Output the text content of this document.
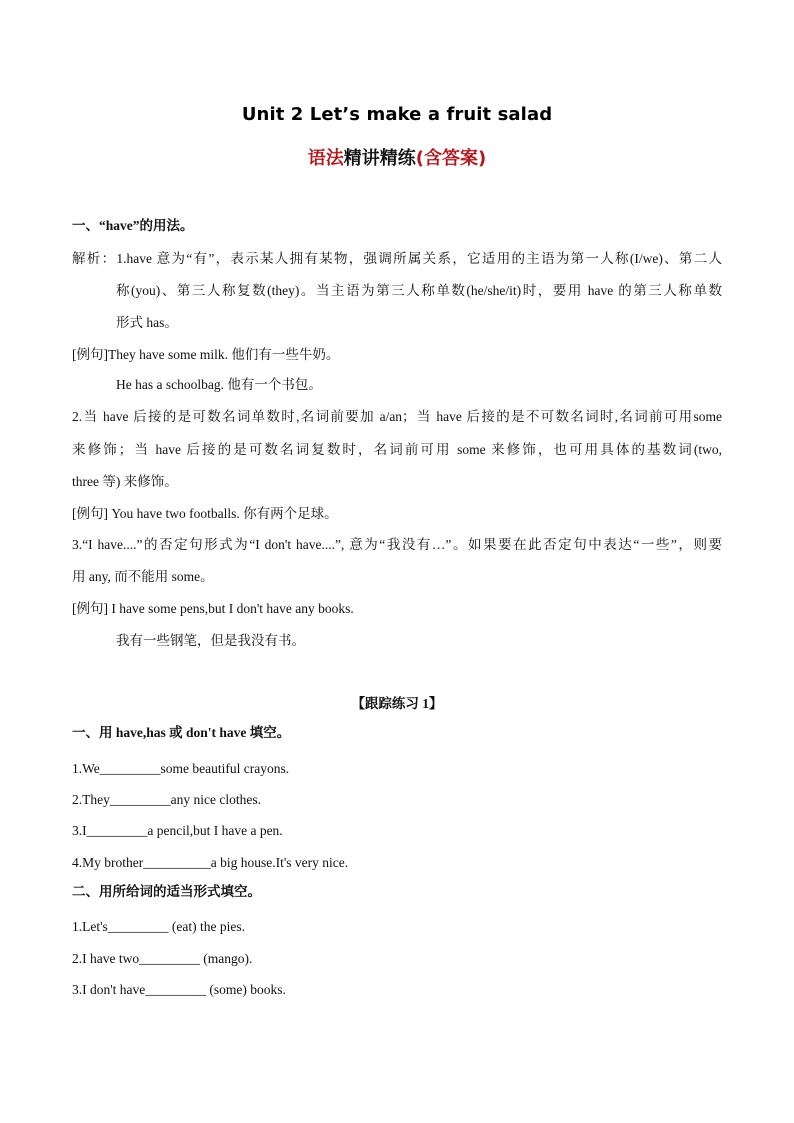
Unit 2 Let’s make a fruit salad
语法精讲精练(含答案)
一、“have”的用法。
解析：1.have 意为“有”，表示某人拥有某物，强调所属关系，它适用的主语为第一人称(I/we)、第二人
称(you)、第三人称复数(they)。当主语为第三人称单数(he/she/it)时，要用 have 的第三人称单数
形式 has。
[例句]They have some milk. 他们有一些牛奶。
He has a schoolbag. 他有一个书包。
2.当 have 后接的是可数名词单数时,名词前要加 a/an；当 have 后接的是不可数名词时,名词前可用some
来修饰；当 have 后接的是可数名词复数时，名词前可用 some 来修饰，也可用具体的基数词(two,
three 等) 来修饰。
[例句] You have two footballs. 你有两个足球。
3.“I have....”的否定句形式为“I don't have....”, 意为“我没有…”。如果要在此否定句中表达“一些”，则要
用 any, 而不能用 some。
[例句] I have some pens,but I don't have any books.
我有一些钢笔，但是我没有书。
【跟踪练习 1】
一、用 have,has 或 don't have 填空。
1.We_________some beautiful crayons.
2.They_________any nice clothes.
3.I_________a pencil,but I have a pen.
4.My brother__________a big house.It's very nice.
二、用所给词的适当形式填空。
1.Let's_________ (eat) the pies.
2.I have two_________ (mango).
3.I don't have_________ (some) books.
